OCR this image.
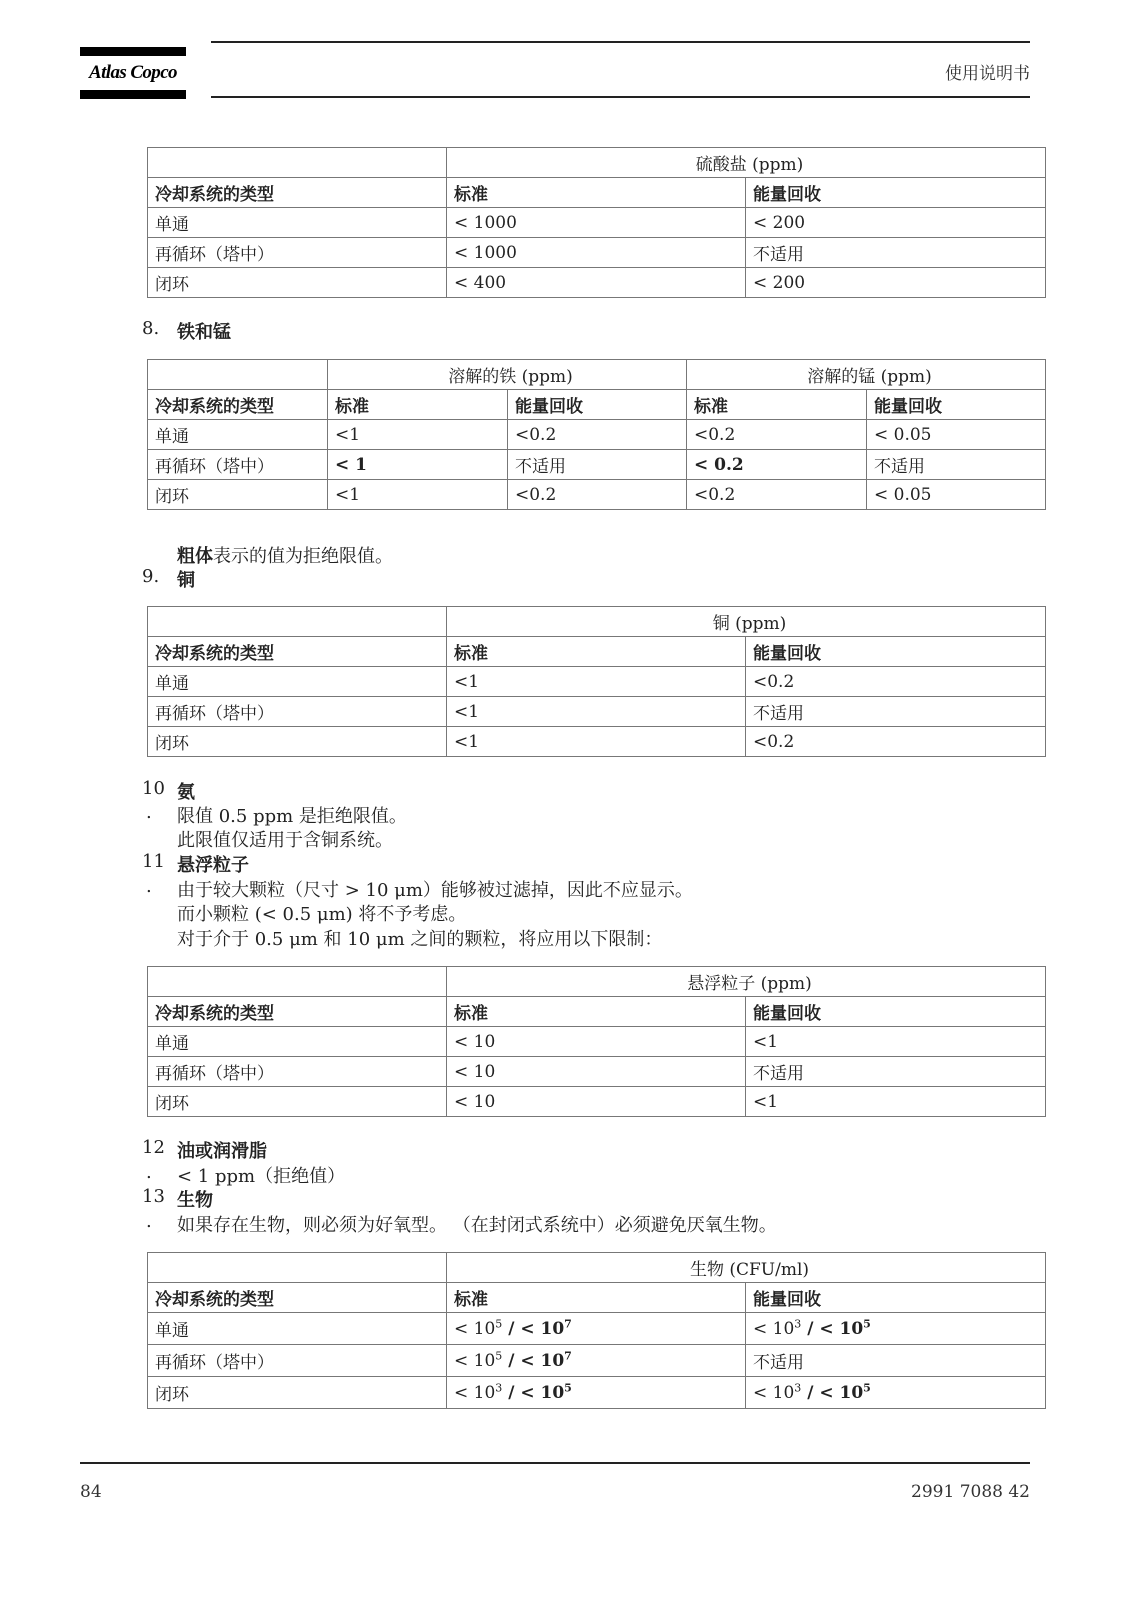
Atlas Copco	使用说明书
	硫酸盐 (ppm)	
冷却系统的类型	标准	能量回收
单通	< 1000	< 200
再循环（塔中）	< 1000	不适用
闭环	< 400	< 200
8. 铁和锰
	溶解的铁 (ppm)		溶解的锰 (ppm)	
冷却系统的类型	标准	能量回收	标准	能量回收
单通	<1	<0.2	<0.2	< 0.05
再循环（塔中）	< 1	不适用	< 0.2	不适用
闭环	<1	<0.2	<0.2	< 0.05
粗体表示的值为拒绝限值。
9. 铜
	铜 (ppm)	
冷却系统的类型	标准	能量回收
单通	<1	<0.2
再循环（塔中）	<1	不适用
闭环	<1	<0.2
10 氨
. 限值 0.5 ppm 是拒绝限值。
此限值仅适用于含铜系统。
11 悬浮粒子
. 由于较大颗粒（尺寸 > 10 μm）能够被过滤掉，因此不应显示。
而小颗粒 (< 0.5 μm) 将不予考虑。
对于介于 0.5 μm 和 10 μm 之间的颗粒，将应用以下限制：
	悬浮粒子 (ppm)	
冷却系统的类型	标准	能量回收
单通	< 10	<1
再循环（塔中）	< 10	不适用
闭环	< 10	<1
12 油或润滑脂
. < 1 ppm（拒绝值）
13 生物
. 如果存在生物，则必须为好氧型。 （在封闭式系统中）必须避免厌氧生物。
	生物 (CFU/ml)	
冷却系统的类型	标准	能量回收
单通	< $10^5$ / < $10^7$	< $10^3$ / < $10^5$
再循环（塔中）	< $10^5$ / < $10^7$	不适用
闭环	< $10^3$ / < $10^5$	< $10^3$ / < $10^5$
84	2991 7088 42
